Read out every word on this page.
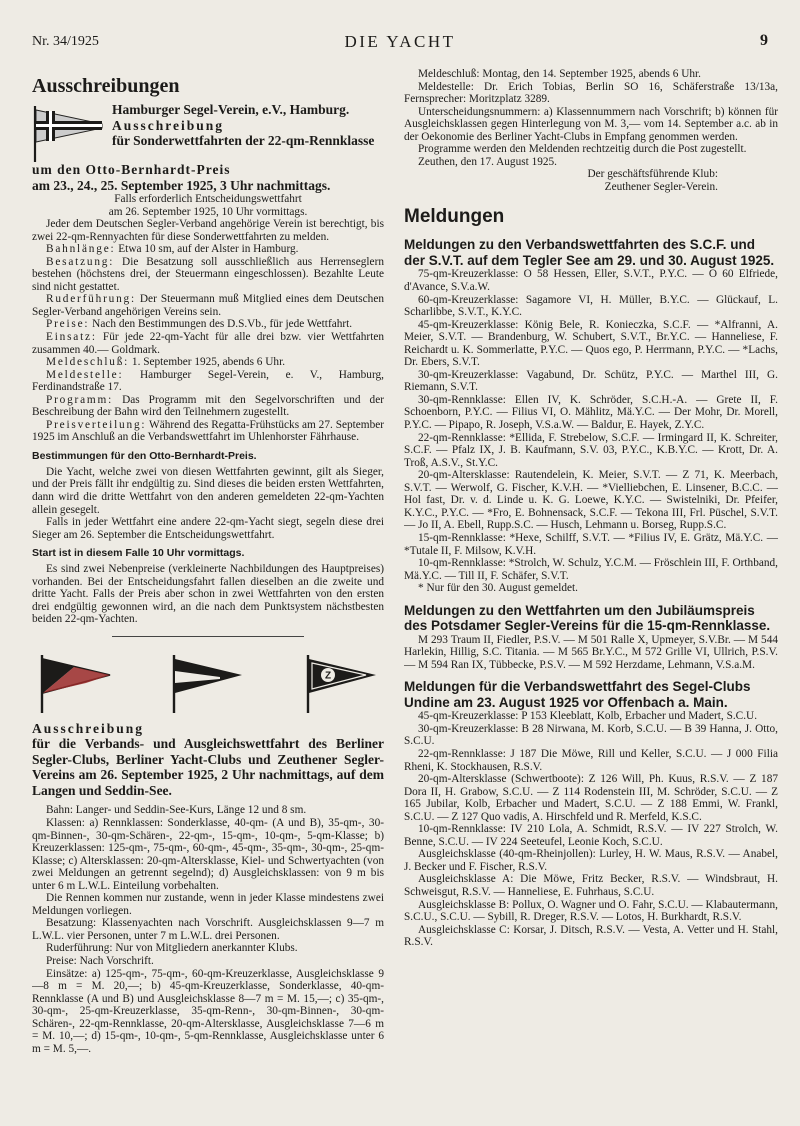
Nr. 34/1925	DIE YACHT	9

Ausschreibungen

Hamburger Segel-Verein, e.V., Hamburg.

Ausschreibung

für Sonderwettfahrten der 22-qm-Rennklasse

um den Otto-Bernhardt-Preis

am 23., 24., 25. September 1925, 3 Uhr nachmittags.

Falls erforderlich Entscheidungswettfahrt

am 26. September 1925, 10 Uhr vormittags.

Jeder dem Deutschen Segler-Verband angehörige Verein ist berechtigt, bis zwei 22-qm-Rennyachten für diese Sonderwettfahrten zu melden.

Bahnlänge: Etwa 10 sm, auf der Alster in Hamburg.

Besatzung: Die Besatzung soll ausschließlich aus Herrenseglern bestehen (höchstens drei, der Steuermann eingeschlossen). Bezahlte Leute sind nicht gestattet.

Ruderführung: Der Steuermann muß Mitglied eines dem Deutschen Segler-Verband angehörigen Vereins sein.

Preise: Nach den Bestimmungen des D.S.Vb., für jede Wettfahrt.

Einsatz: Für jede 22-qm-Yacht für alle drei bzw. vier Wettfahrten zusammen 40.— Goldmark.

Meldeschluß: 1. September 1925, abends 6 Uhr.

Meldestelle: Hamburger Segel-Verein, e. V., Hamburg, Ferdinandstraße 17.

Programm: Das Programm mit den Segelvorschriften und der Beschreibung der Bahn wird den Teilnehmern zugestellt.

Preisverteilung: Während des Regatta-Frühstücks am 27. September 1925 im Anschluß an die Verbandswettfahrt im Uhlenhorster Fährhause.

Bestimmungen für den Otto-Bernhardt-Preis.

Die Yacht, welche zwei von diesen Wettfahrten gewinnt, gilt als Sieger, und der Preis fällt ihr endgültig zu. Sind dieses die beiden ersten Wettfahrten, dann wird die dritte Wettfahrt von den anderen gemeldeten 22-qm-Yachten allein gesegelt.

Falls in jeder Wettfahrt eine andere 22-qm-Yacht siegt, segeln diese drei Sieger am 26. September die Entscheidungswettfahrt.

Start ist in diesem Falle 10 Uhr vormittags.

Es sind zwei Nebenpreise (verkleinerte Nachbildungen des Hauptpreises) vorhanden. Bei der Entscheidungsfahrt fallen dieselben an die zweite und dritte Yacht. Falls der Preis aber schon in zwei Wettfahrten von den ersten drei endgültig gewonnen wird, an die nach dem Punktsystem nächstbesten beiden 22-qm-Yachten.

Z

Ausschreibung

für die Verbands- und Ausgleichswettfahrt des Berliner Segler-Clubs, Berliner Yacht-Clubs und Zeuthener Segler-Vereins am 26. September 1925, 2 Uhr nachmittags, auf dem Langen und Seddin-See.

Bahn: Langer- und Seddin-See-Kurs, Länge 12 und 8 sm.

Klassen: a) Rennklassen: Sonderklasse, 40-qm- (A und B), 35-qm-, 30-qm-Binnen-, 30-qm-Schären-, 22-qm-, 15-qm-, 10-qm-, 5-qm-Klasse; b) Kreuzerklassen: 125-qm-, 75-qm-, 60-qm-, 45-qm-, 35-qm-, 30-qm-, 25-qm-Klasse; c) Altersklassen: 20-qm-Altersklasse, Kiel- und Schwertyachten (von zwei Meldungen an getrennt segelnd); d) Ausgleichsklassen: von 9 m bis unter 6 m L.W.L. Einteilung vorbehalten.

Die Rennen kommen nur zustande, wenn in jeder Klasse mindestens zwei Meldungen vorliegen.

Besatzung: Klassenyachten nach Vorschrift. Ausgleichsklassen 9—7 m L.W.L. vier Personen, unter 7 m L.W.L. drei Personen.

Ruderführung: Nur von Mitgliedern anerkannter Klubs.

Preise: Nach Vorschrift.

Einsätze: a) 125-qm-, 75-qm-, 60-qm-Kreuzerklasse, Ausgleichsklasse 9—8 m = M. 20,—; b) 45-qm-Kreuzerklasse, Sonderklasse, 40-qm-Rennklasse (A und B) und Ausgleichsklasse 8—7 m = M. 15,—; c) 35-qm-, 30-qm-, 25-qm-Kreuzerklasse, 35-qm-Renn-, 30-qm-Binnen-, 30-qm-Schären-, 22-qm-Rennklasse, 20-qm-Altersklasse, Ausgleichsklasse 7—6 m = M. 10,—; d) 15-qm-, 10-qm-, 5-qm-Rennklasse, Ausgleichsklasse unter 6 m = M. 5,—.

Meldeschluß: Montag, den 14. September 1925, abends 6 Uhr.

Meldestelle: Dr. Erich Tobias, Berlin SO 16, Schäferstraße 13/13a, Fernsprecher: Moritzplatz 3289.

Unterscheidungsnummern: a) Klassennummern nach Vorschrift; b) können für Ausgleichsklassen gegen Hinterlegung von M. 3,— vom 14. September a.c. ab in der Oekonomie des Berliner Yacht-Clubs in Empfang genommen werden.

Programme werden den Meldenden rechtzeitig durch die Post zugestellt.

Zeuthen, den 17. August 1925.

Der geschäftsführende Klub:

Zeuthener Segler-Verein.

Meldungen

Meldungen zu den Verbandswettfahrten des S.C.F. und der S.V.T. auf dem Tegler See am 29. und 30. August 1925.

75-qm-Kreuzerklasse: O 58 Hessen, Eller, S.V.T., P.Y.C. — O 60 Elfriede, d'Avance, S.V.a.W.

60-qm-Kreuzerklasse: Sagamore VI, H. Müller, B.Y.C. — Glückauf, L. Scharlibbe, S.V.T., K.Y.C.

45-qm-Kreuzerklasse: König Bele, R. Konieczka, S.C.F. — *Alfranni, A. Meier, S.V.T. — Brandenburg, W. Schubert, S.V.T., Br.Y.C. — Hanneliese, F. Reichardt u. K. Sommerlatte, P.Y.C. — Quos ego, P. Herrmann, P.Y.C. — *Lachs, Dr. Ebers, S.V.T.

30-qm-Kreuzerklasse: Vagabund, Dr. Schütz, P.Y.C. — Marthel III, G. Riemann, S.V.T.

30-qm-Rennklasse: Ellen IV, K. Schröder, S.C.H.-A. — Grete II, F. Schoenborn, P.Y.C. — Filius VI, O. Mählitz, Mä.Y.C. — Der Mohr, Dr. Morell, P.Y.C. — Pipapo, R. Joseph, V.S.a.W. — Baldur, E. Hayek, Z.Y.C.

22-qm-Rennklasse: *Ellida, F. Strebelow, S.C.F. — Irmingard II, K. Schreiter, S.C.F. — Pfalz IX, J. B. Kaufmann, S.V. 03, P.Y.C., K.B.Y.C. — Krott, Dr. A. Troß, A.S.V., St.Y.C.

20-qm-Altersklasse: Rautendelein, K. Meier, S.V.T. — Z 71, K. Meerbach, S.V.T. — Werwolf, G. Fischer, K.V.H. — *Vielliebchen, E. Linsener, B.C.C. — Hol fast, Dr. v. d. Linde u. K. G. Loewe, K.Y.C. — Swistelniki, Dr. Pfeifer, K.Y.C., P.Y.C. — *Fro, E. Bohnensack, S.C.F. — Tekona III, Frl. Püschel, S.V.T. — Jo II, A. Ebell, Rupp.S.C. — Husch, Lehmann u. Borseg, Rupp.S.C.

15-qm-Rennklasse: *Hexe, Schilff, S.V.T. — *Filius IV, E. Grätz, Mä.Y.C. — *Tutale II, F. Milsow, K.V.H.

10-qm-Rennklasse: *Strolch, W. Schulz, Y.C.M. — Fröschlein III, F. Orthband, Mä.Y.C. — Till II, F. Schäfer, S.V.T.

* Nur für den 30. August gemeldet.

Meldungen zu den Wettfahrten um den Jubiläumspreis des Potsdamer Segler-Vereins für die 15-qm-Rennklasse.

M 293 Traum II, Fiedler, P.S.V. — M 501 Ralle X, Upmeyer, S.V.Br. — M 544 Harlekin, Hillig, S.C. Titania. — M 565 Br.Y.C., M 572 Grille VI, Ullrich, P.S.V. — M 594 Ran IX, Tübbecke, P.S.V. — M 592 Herzdame, Lehmann, V.S.a.M.

Meldungen für die Verbandswettfahrt des Segel-Clubs Undine am 23. August 1925 vor Offenbach a. Main.

45-qm-Kreuzerklasse: P 153 Kleeblatt, Kolb, Erbacher und Madert, S.C.U.

30-qm-Kreuzerklasse: B 28 Nirwana, M. Korb, S.C.U. — B 39 Hanna, J. Otto, S.C.U.

22-qm-Rennklasse: J 187 Die Möwe, Rill und Keller, S.C.U. — J 000 Filia Rheni, K. Stockhausen, R.S.V.

20-qm-Altersklasse (Schwertboote): Z 126 Will, Ph. Kuus, R.S.V. — Z 187 Dora II, H. Grabow, S.C.U. — Z 114 Rodenstein III, M. Schröder, S.C.U. — Z 165 Jubilar, Kolb, Erbacher und Madert, S.C.U. — Z 188 Emmi, W. Frankl, S.C.U. — Z 127 Quo vadis, A. Hirschfeld und R. Merfeld, K.S.C.

10-qm-Rennklasse: IV 210 Lola, A. Schmidt, R.S.V. — IV 227 Strolch, W. Benne, S.C.U. — IV 224 Seeteufel, Leonie Koch, S.C.U.

Ausgleichsklasse (40-qm-Rheinjollen): Lurley, H. W. Maus, R.S.V. — Anabel, J. Becker und F. Fischer, R.S.V.

Ausgleichsklasse A: Die Möwe, Fritz Becker, R.S.V. — Windsbraut, H. Schweisgut, R.S.V. — Hanneliese, E. Fuhrhaus, S.C.U.

Ausgleichsklasse B: Pollux, O. Wagner und O. Fahr, S.C.U. — Klabautermann, S.C.U., S.C.U. — Sybill, R. Dreger, R.S.V. — Lotos, H. Burkhardt, R.S.V.

Ausgleichsklasse C: Korsar, J. Ditsch, R.S.V. — Vesta, A. Vetter und H. Stahl, R.S.V.
